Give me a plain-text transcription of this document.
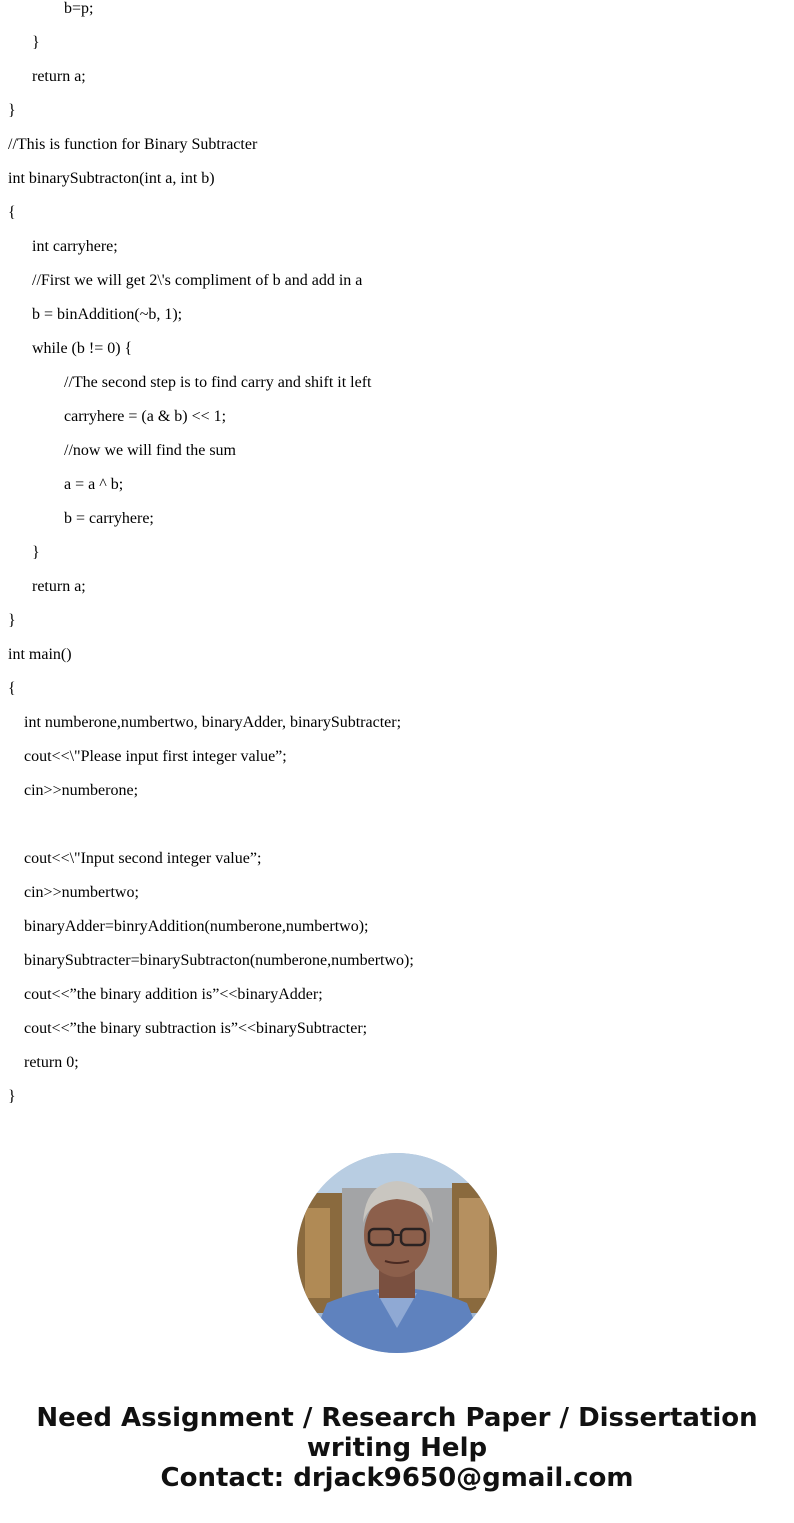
b=p;
}
return a;
}
//This is function for Binary Subtracter
int binarySubtracton(int a, int b)
{
int carryhere;
//First we will get 2\'s compliment of b and add in a
b = binAddition(~b, 1);
while (b != 0) {
//The second step is to find carry and shift it left
carryhere = (a & b) << 1;
//now we will find the sum
a = a ^ b;
b = carryhere;
}
return a;
}
int main()
{
int numberone,numbertwo, binaryAdder, binarySubtracter;
cout<<\"Please input first integer value”;
cin>>numberone;
cout<<\"Input second integer value”;
cin>>numbertwo;
binaryAdder=binryAddition(numberone,numbertwo);
binarySubtracter=binarySubtracton(numberone,numbertwo);
cout<<”the binary addition is”<<binaryAdder;
cout<<”the binary subtraction is”<<binarySubtracter;
return 0;
}
Need Assignment / Research Paper / Dissertation
writing Help
Contact: drjack9650@gmail.com
